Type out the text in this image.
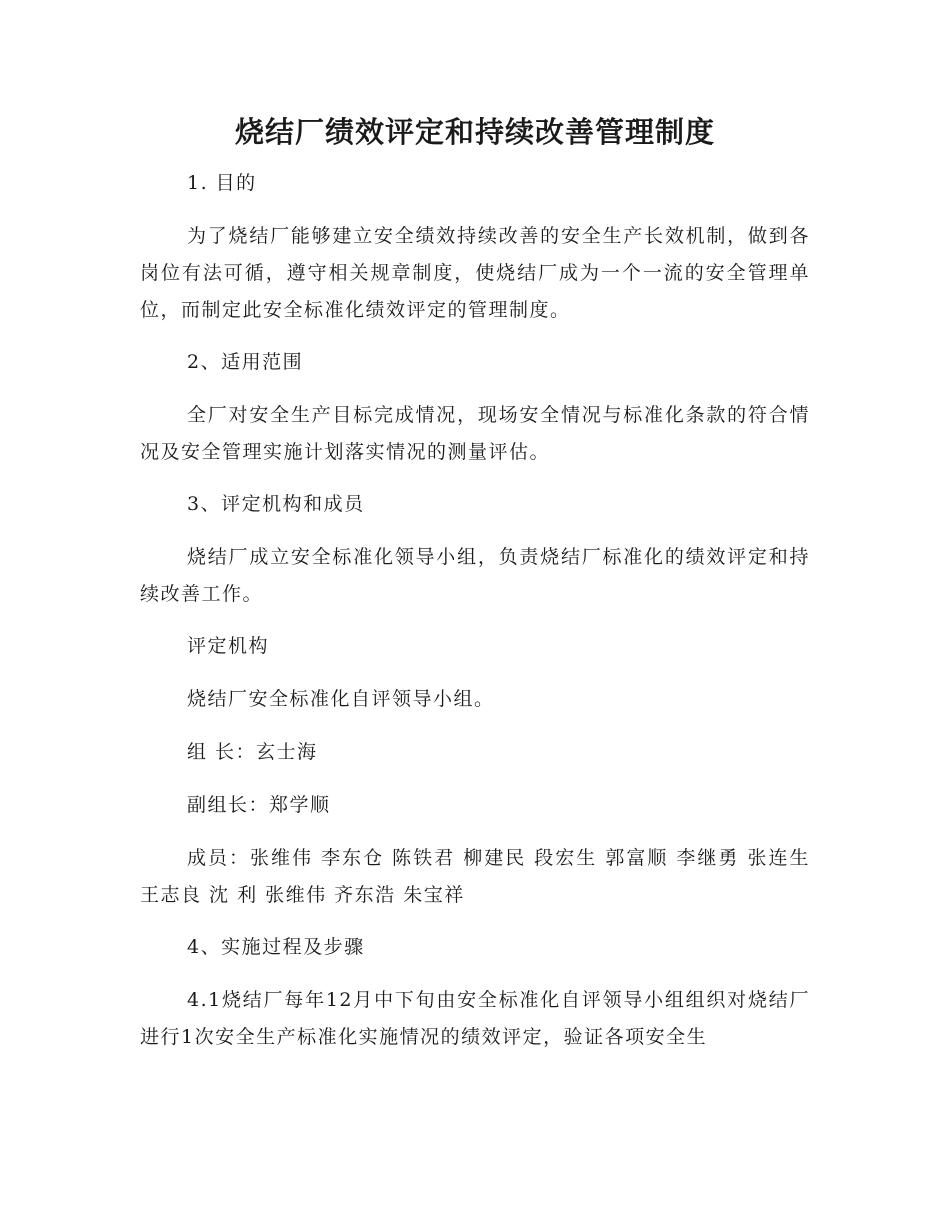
烧结厂绩效评定和持续改善管理制度

1. 目的

为了烧结厂能够建立安全绩效持续改善的安全生产长效机制，做到各岗位有法可循，遵守相关规章制度，使烧结厂成为一个一流的安全管理单位，而制定此安全标准化绩效评定的管理制度。

2、适用范围

全厂对安全生产目标完成情况，现场安全情况与标准化条款的符合情况及安全管理实施计划落实情况的测量评估。

3、评定机构和成员

烧结厂成立安全标准化领导小组，负责烧结厂标准化的绩效评定和持续改善工作。

评定机构

烧结厂安全标准化自评领导小组。

组 长：玄士海

副组长：郑学顺

成员：张维伟 李东仓 陈铁君 柳建民 段宏生 郭富顺 李继勇 张连生 王志良 沈 利 张维伟 齐东浩 朱宝祥

4、实施过程及步骤

4.1烧结厂每年12月中下旬由安全标准化自评领导小组组织对烧结厂进行1次安全生产标准化实施情况的绩效评定，验证各项安全生
